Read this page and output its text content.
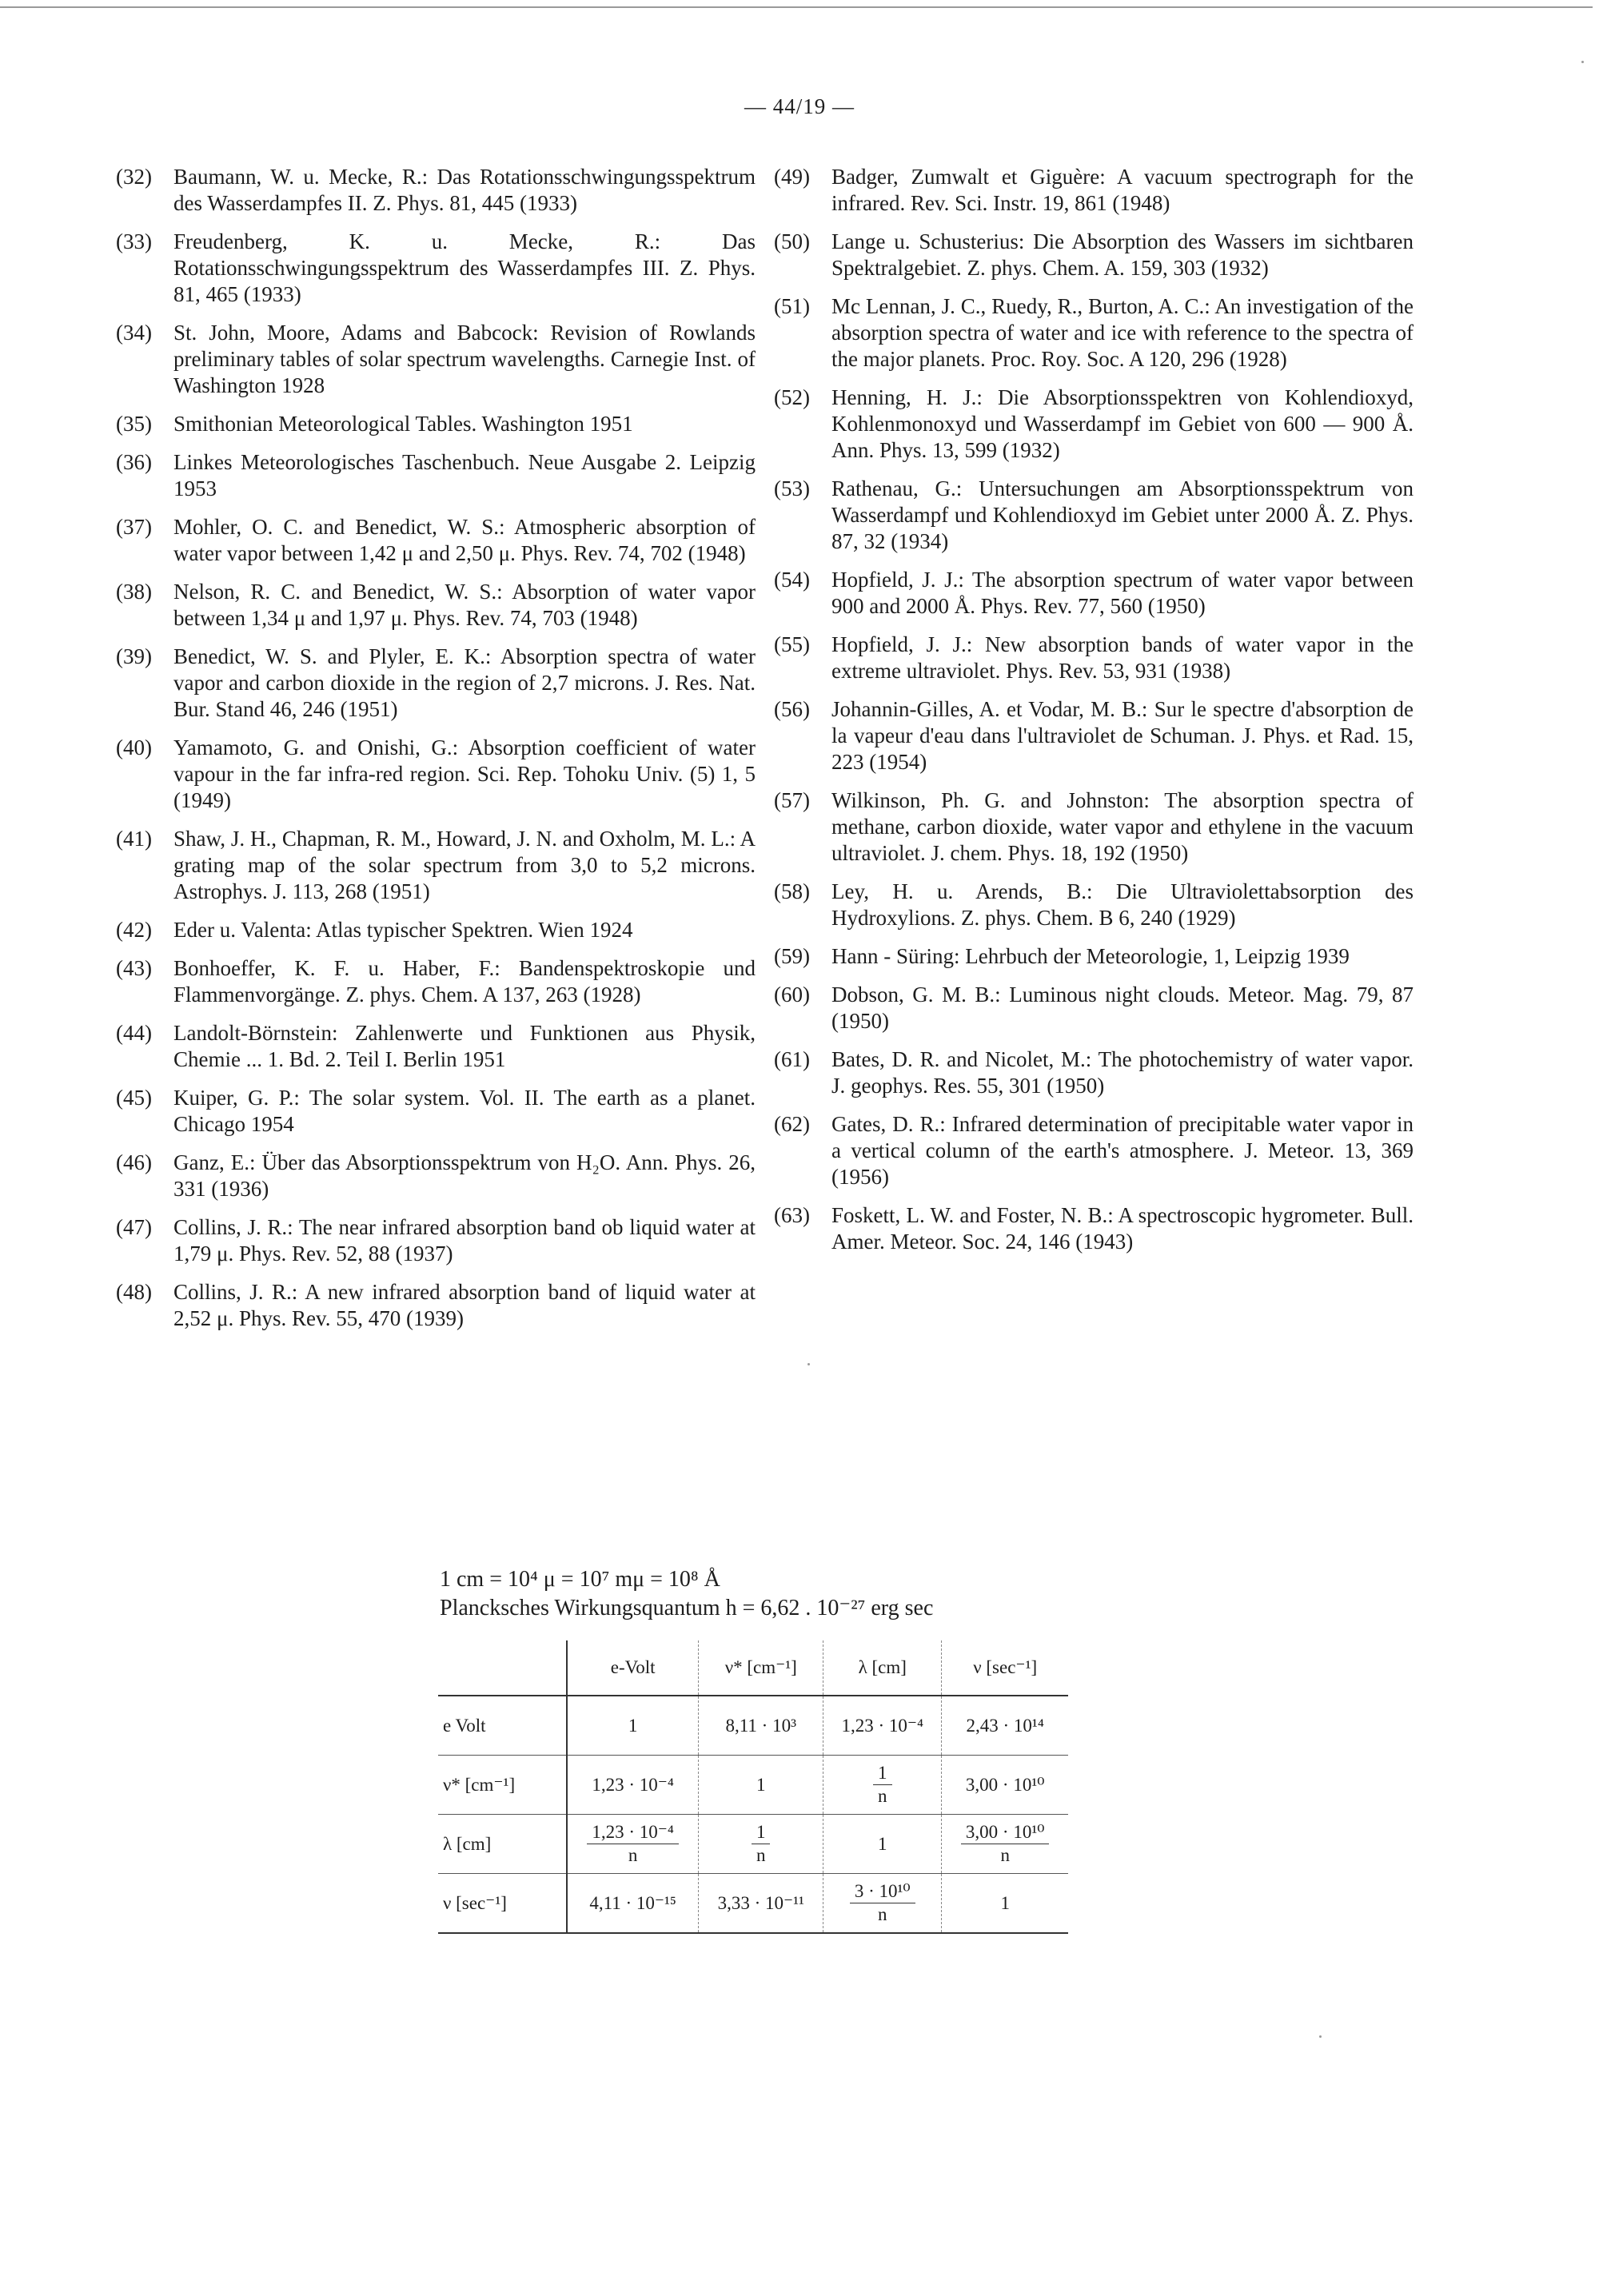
— 44/19 —
(32)	Baumann, W. u. Mecke, R.: Das Rotationsschwingungsspektrum des Wasserdampfes II. Z. Phys. 81, 445 (1933)
(33)	Freudenberg, K. u. Mecke, R.: Das Rotationsschwingungsspektrum des Wasserdampfes III. Z. Phys. 81, 465 (1933)
(34)	St. John, Moore, Adams and Babcock: Revision of Rowlands preliminary tables of solar spectrum wavelengths. Carnegie Inst. of Washington 1928
(35)	Smithonian Meteorological Tables. Washington 1951
(36)	Linkes Meteorologisches Taschenbuch. Neue Ausgabe 2. Leipzig 1953
(37)	Mohler, O. C. and Benedict, W. S.: Atmospheric absorption of water vapor between 1,42 μ and 2,50 μ. Phys. Rev. 74, 702 (1948)
(38)	Nelson, R. C. and Benedict, W. S.: Absorption of water vapor between 1,34 μ and 1,97 μ. Phys. Rev. 74, 703 (1948)
(39)	Benedict, W. S. and Plyler, E. K.: Absorption spectra of water vapor and carbon dioxide in the region of 2,7 microns. J. Res. Nat. Bur. Stand 46, 246 (1951)
(40)	Yamamoto, G. and Onishi, G.: Absorption coefficient of water vapour in the far infra-red region. Sci. Rep. Tohoku Univ. (5) 1, 5 (1949)
(41)	Shaw, J. H., Chapman, R. M., Howard, J. N. and Oxholm, M. L.: A grating map of the solar spectrum from 3,0 to 5,2 microns. Astrophys. J. 113, 268 (1951)
(42)	Eder u. Valenta: Atlas typischer Spektren. Wien 1924
(43)	Bonhoeffer, K. F. u. Haber, F.: Bandenspektroskopie und Flammenvorgänge. Z. phys. Chem. A 137, 263 (1928)
(44)	Landolt-Börnstein: Zahlenwerte und Funktionen aus Physik, Chemie ... 1. Bd. 2. Teil I. Berlin 1951
(45)	Kuiper, G. P.: The solar system. Vol. II. The earth as a planet. Chicago 1954
(46)	Ganz, E.: Über das Absorptionsspektrum von H₂O. Ann. Phys. 26, 331 (1936)
(47)	Collins, J. R.: The near infrared absorption band ob liquid water at 1,79 μ. Phys. Rev. 52, 88 (1937)
(48)	Collins, J. R.: A new infrared absorption band of liquid water at 2,52 μ. Phys. Rev. 55, 470 (1939)
(49)	Badger, Zumwalt et Giguère: A vacuum spectrograph for the infrared. Rev. Sci. Instr. 19, 861 (1948)
(50)	Lange u. Schusterius: Die Absorption des Wassers im sichtbaren Spektralgebiet. Z. phys. Chem. A. 159, 303 (1932)
(51)	Mc Lennan, J. C., Ruedy, R., Burton, A. C.: An investigation of the absorption spectra of water and ice with reference to the spectra of the major planets. Proc. Roy. Soc. A 120, 296 (1928)
(52)	Henning, H. J.: Die Absorptionsspektren von Kohlendioxyd, Kohlenmonoxyd und Wasserdampf im Gebiet von 600 — 900 Å. Ann. Phys. 13, 599 (1932)
(53)	Rathenau, G.: Untersuchungen am Absorptionsspektrum von Wasserdampf und Kohlendioxyd im Gebiet unter 2000 Å. Z. Phys. 87, 32 (1934)
(54)	Hopfield, J. J.: The absorption spectrum of water vapor between 900 and 2000 Å. Phys. Rev. 77, 560 (1950)
(55)	Hopfield, J. J.: New absorption bands of water vapor in the extreme ultraviolet. Phys. Rev. 53, 931 (1938)
(56)	Johannin-Gilles, A. et Vodar, M. B.: Sur le spectre d'absorption de la vapeur d'eau dans l'ultraviolet de Schuman. J. Phys. et Rad. 15, 223 (1954)
(57)	Wilkinson, Ph. G. and Johnston: The absorption spectra of methane, carbon dioxide, water vapor and ethylene in the vacuum ultraviolet. J. chem. Phys. 18, 192 (1950)
(58)	Ley, H. u. Arends, B.: Die Ultraviolettabsorption des Hydroxylions. Z. phys. Chem. B 6, 240 (1929)
(59)	Hann - Süring: Lehrbuch der Meteorologie, 1, Leipzig 1939
(60)	Dobson, G. M. B.: Luminous night clouds. Meteor. Mag. 79, 87 (1950)
(61)	Bates, D. R. and Nicolet, M.: The photochemistry of water vapor. J. geophys. Res. 55, 301 (1950)
(62)	Gates, D. R.: Infrared determination of precipitable water vapor in a vertical column of the earth's atmosphere. J. Meteor. 13, 369 (1956)
(63)	Foskett, L. W. and Foster, N. B.: A spectroscopic hygrometer. Bull. Amer. Meteor. Soc. 24, 146 (1943)
1 cm = 10⁴ μ = 10⁷ mμ = 10⁸ Å
Plancksches Wirkungsquantum h = 6,62 . 10⁻²⁷ erg sec
	e-Volt	ν* [cm⁻¹]	λ [cm]	ν [sec⁻¹]
e Volt	1	8,11 · 10³	1,23 · 10⁻⁴	2,43 · 10¹⁴
ν* [cm⁻¹]	1,23 · 10⁻⁴	1	$\frac{1}{n}$	3,00 · 10¹⁰
λ [cm]	$\frac{\text{1,23 · 10⁻⁴}}{n}$	$\frac{1}{n}$	1	$\frac{\text{3,00 · 10¹⁰}}{n}$

ν [sec⁻¹]	4,11 · 10⁻¹⁵	3,33 · 10⁻¹¹	$\frac{\text{3 · 10¹⁰}}{n}$	1
